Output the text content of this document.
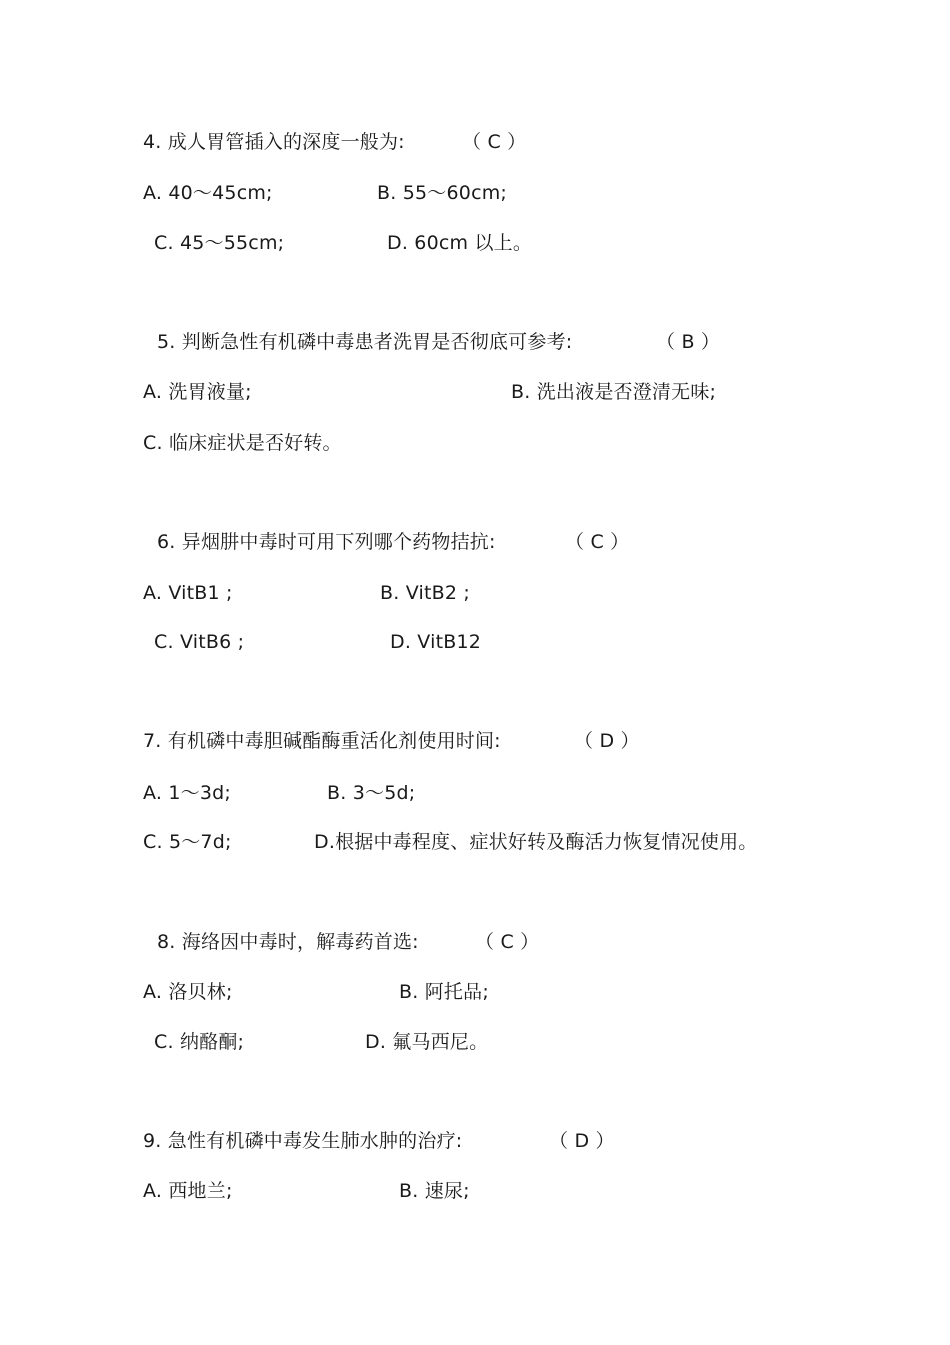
4. 成人胃管插入的深度一般为:	（ C ）
A. 40～45cm;	B. 55～60cm;
C. 45～55cm;	D. 60cm 以上。
5. 判断急性有机磷中毒患者洗胃是否彻底可参考:	（ B ）
A. 洗胃液量;	B. 洗出液是否澄清无味;
C. 临床症状是否好转。
6. 异烟肼中毒时可用下列哪个药物拮抗:	（ C ）
A. VitB1 ;	B. VitB2 ;
C. VitB6 ;	D. VitB12
7. 有机磷中毒胆碱酯酶重活化剂使用时间:	（ D ）
A. 1～3d;	B. 3～5d;
C. 5～7d;	D.根据中毒程度、症状好转及酶活力恢复情况使用。
8. 海络因中毒时，解毒药首选:	（ C ）
A. 洛贝林;	B. 阿托品;
C. 纳酪酮;	D. 氟马西尼。
9. 急性有机磷中毒发生肺水肿的治疗:	（ D ）
A. 西地兰;	B. 速尿;
